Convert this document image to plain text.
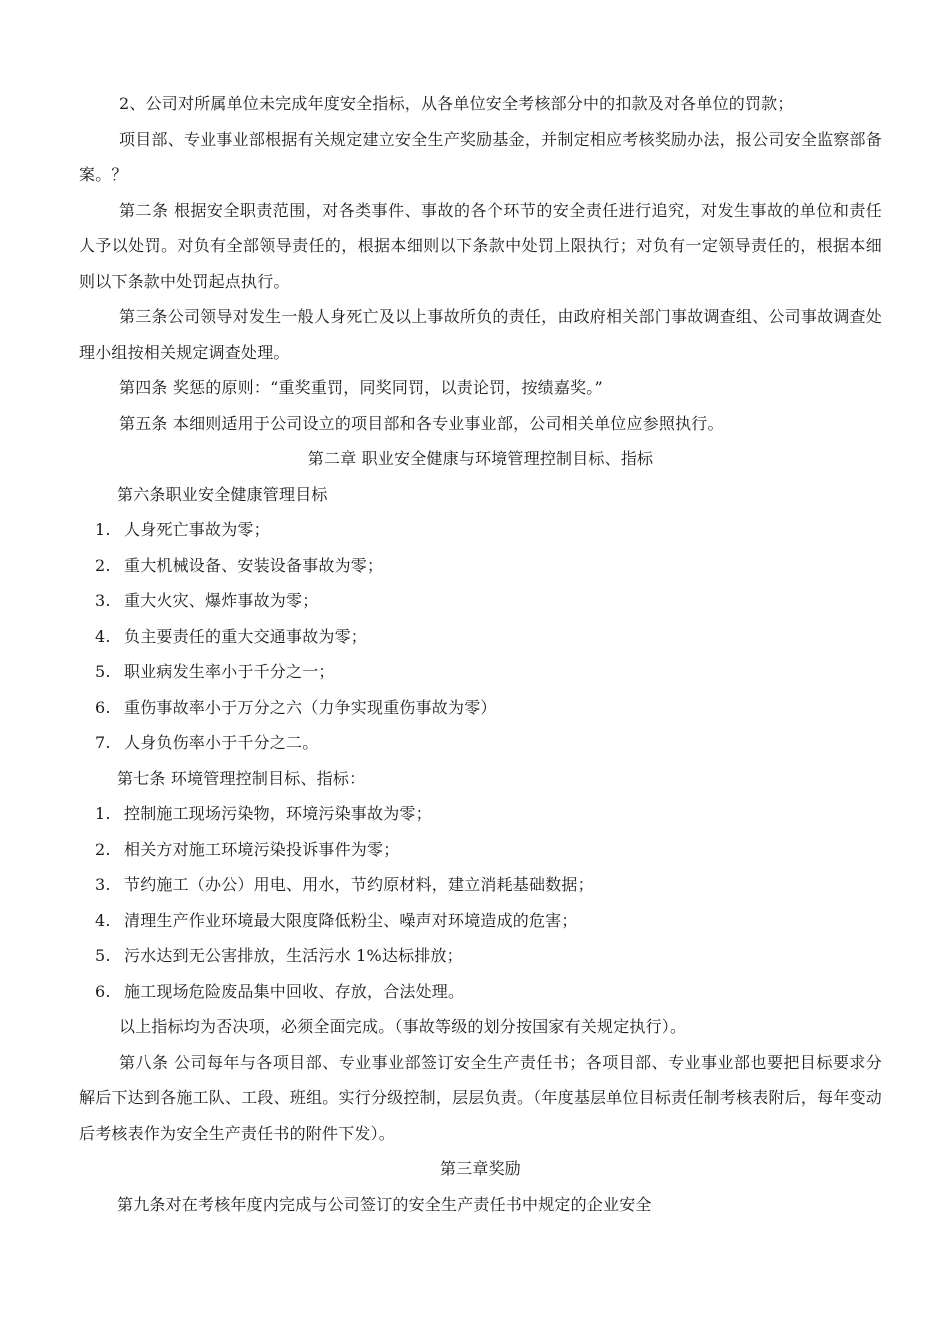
2、公司对所属单位未完成年度安全指标，从各单位安全考核部分中的扣款及对各单位的罚款；

项目部、专业事业部根据有关规定建立安全生产奖励基金，并制定相应考核奖励办法，报公司安全监察部备案。？

第二条 根据安全职责范围，对各类事件、事故的各个环节的安全责任进行追究，对发生事故的单位和责任人予以处罚。对负有全部领导责任的，根据本细则以下条款中处罚上限执行；对负有一定领导责任的，根据本细则以下条款中处罚起点执行。

第三条公司领导对发生一般人身死亡及以上事故所负的责任，由政府相关部门事故调查组、公司事故调查处理小组按相关规定调查处理。

第四条 奖惩的原则：“重奖重罚，同奖同罚，以责论罚，按绩嘉奖。”

第五条 本细则适用于公司设立的项目部和各专业事业部，公司相关单位应参照执行。

第二章 职业安全健康与环境管理控制目标、指标

第六条职业安全健康管理目标

1. 人身死亡事故为零；

2. 重大机械设备、安装设备事故为零；

3. 重大火灾、爆炸事故为零；

4. 负主要责任的重大交通事故为零；

5. 职业病发生率小于千分之一；

6. 重伤事故率小于万分之六（力争实现重伤事故为零）

7. 人身负伤率小于千分之二。

第七条 环境管理控制目标、指标：

1. 控制施工现场污染物，环境污染事故为零；

2. 相关方对施工环境污染投诉事件为零；

3. 节约施工（办公）用电、用水，节约原材料，建立消耗基础数据；

4. 清理生产作业环境最大限度降低粉尘、噪声对环境造成的危害；

5. 污水达到无公害排放，生活污水 1%达标排放；

6. 施工现场危险废品集中回收、存放，合法处理。

以上指标均为否决项，必须全面完成。（事故等级的划分按国家有关规定执行）。

第八条 公司每年与各项目部、专业事业部签订安全生产责任书；各项目部、专业事业部也要把目标要求分解后下达到各施工队、工段、班组。实行分级控制，层层负责。（年度基层单位目标责任制考核表附后，每年变动后考核表作为安全生产责任书的附件下发）。

第三章奖励

第九条对在考核年度内完成与公司签订的安全生产责任书中规定的企业安全
